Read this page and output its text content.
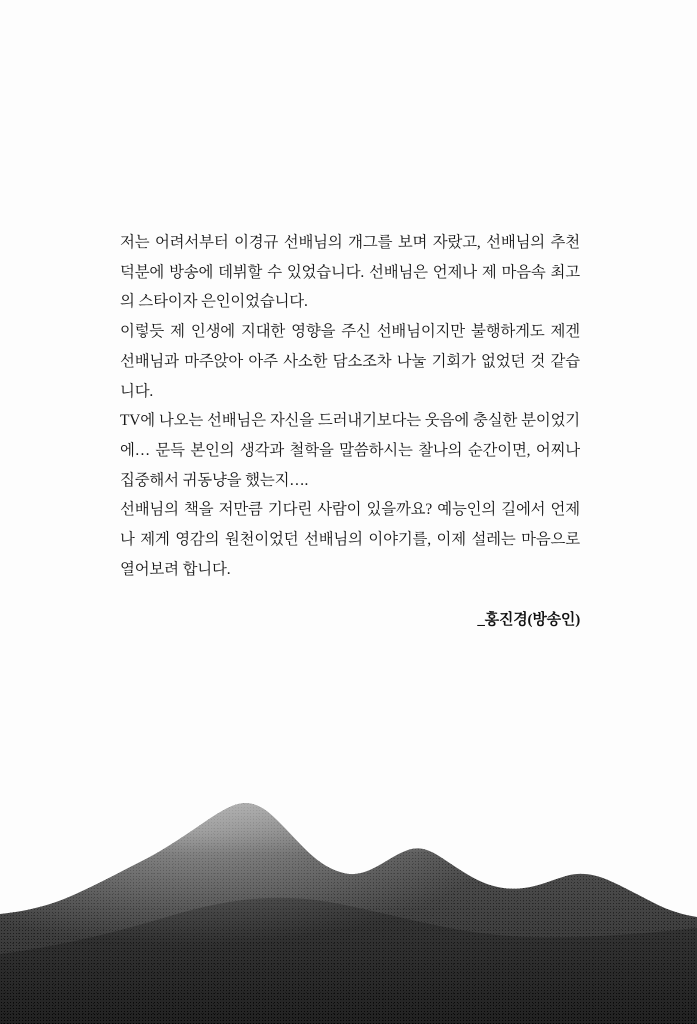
저는 어려서부터 이경규 선배님의 개그를 보며 자랐고, 선배님의 추천 덕분에 방송에 데뷔할 수 있었습니다. 선배님은 언제나 제 마음속 최고의 스타이자 은인이었습니다.

이렇듯 제 인생에 지대한 영향을 주신 선배님이지만 불행하게도 제겐 선배님과 마주앉아 아주 사소한 담소조차 나눌 기회가 없었던 것 같습니다.

TV에 나오는 선배님은 자신을 드러내기보다는 웃음에 충실한 분이었기에… 문득 본인의 생각과 철학을 말씀하시는 찰나의 순간이면, 어찌나 집중해서 귀동냥을 했는지….

선배님의 책을 저만큼 기다린 사람이 있을까요? 예능인의 길에서 언제나 제게 영감의 원천이었던 선배님의 이야기를, 이제 설레는 마음으로 열어보려 합니다.

_홍진경(방송인)
